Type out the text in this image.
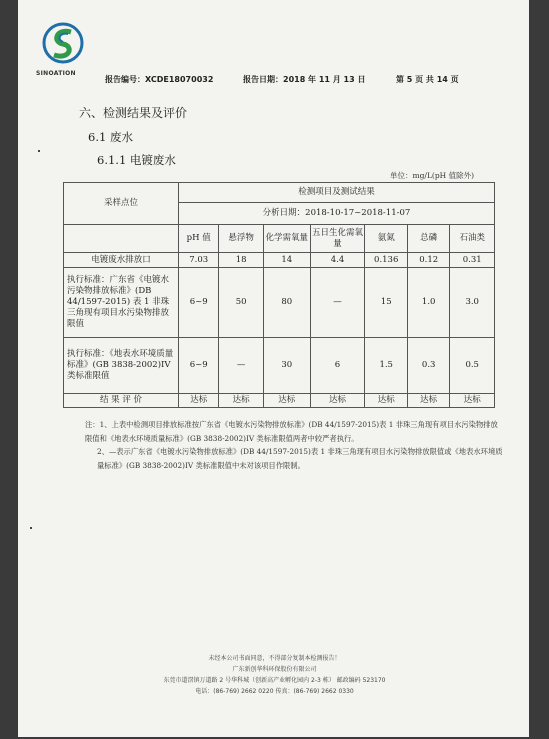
SINOATION
报告编号：XCDE18070032	报告日期：2018 年 11 月 13 日	第 5 页 共 14 页
六、检测结果及评价
6.1 废水
6.1.1 电镀废水
单位：mg/L(pH 值除外)
采样点位	检测项目及测试结果						
	分析日期：2018-10-17~2018-11-07						
	pH 值	悬浮物	化学需氧量	五日生化需氧量	氨氮	总磷	石油类
电镀废水排放口	7.03	18	14	4.4	0.136	0.12	0.31
执行标准：广东省《电镀水污染物排放标准》(DB 44/1597-2015) 表 1 非珠三角现有项目水污染物排放限值	6~9	50	80	—	15	1.0	3.0
执行标准：《地表水环境质量标准》(GB 3838-2002)IV 类标准限值	6~9	—	30	6	1.5	0.3	0.5
结 果 评 价	达标	达标	达标	达标	达标	达标	达标

注：1、上表中检测项目排放标准按广东省《电镀水污染物排放标准》(DB 44/1597-2015)表 1 非珠三角现有项目水污染物排放限值和《地表水环境质量标准》(GB 3838-2002)IV 类标准限值两者中较严者执行。

2、—表示广东省《电镀水污染物排放标准》(DB 44/1597-2015)表 1 非珠三角现有项目水污染物排放限值或《地表水环境质量标准》(GB 3838-2002)IV 类标准限值中未对该项目作限制。

未经本公司书面同意，不得部分复制本检测报告！
广东新创华科环保股份有限公司
东莞市道滘镇万道路 2 号华科城（创新高产业孵化园内 2-3 栋） 邮政编码 523170
电话：(86-769) 2662 0220 传真：(86-769) 2662 0330
